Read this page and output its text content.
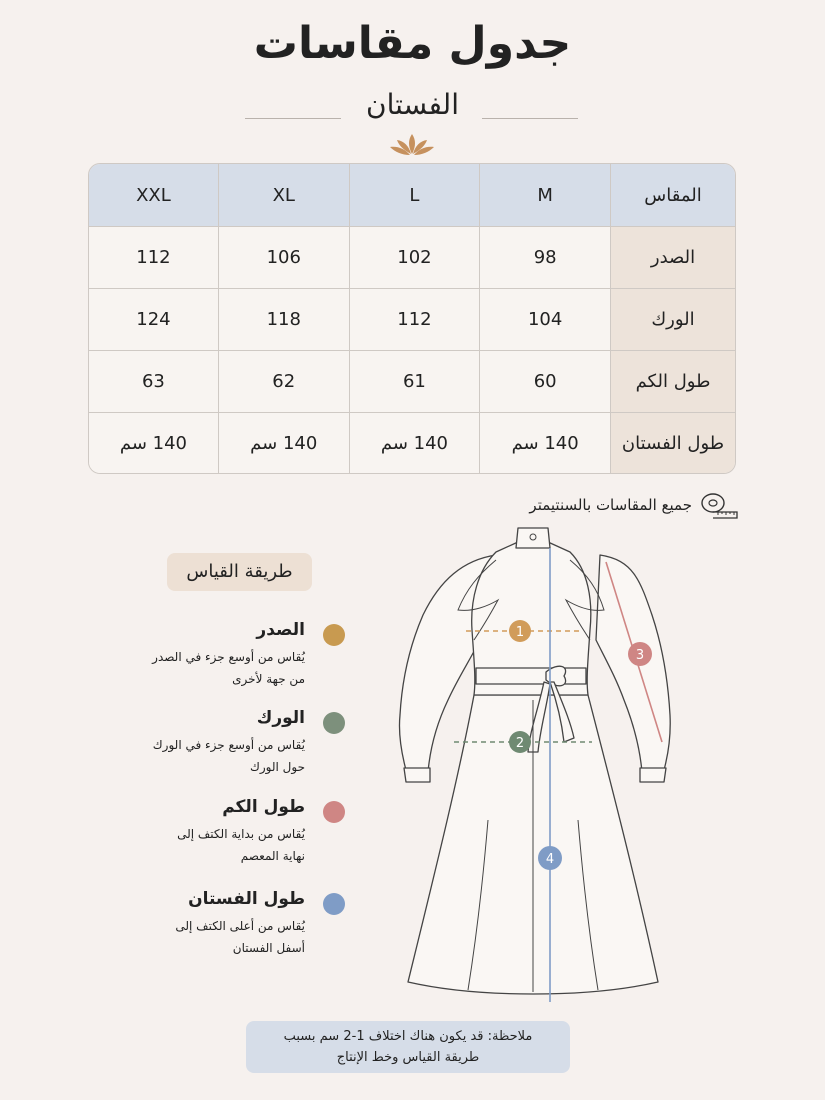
جدول مقاسات
الفستان
المقاس	M	L	XL	XXL
الصدر	98	102	106	112
الورك	104	112	118	124
طول الكم	60	61	62	63
طول الفستان	140 سم	140 سم	140 سم	140 سم
جميع المقاسات بالسنتيمتر
طريقة القياس
الصدر
يُقاس من أوسع جزء في الصدر
من جهة لأخرى
الورك
يُقاس من أوسع جزء في الورك
حول الورك
طول الكم
يُقاس من بداية الكتف إلى
نهاية المعصم
طول الفستان
يُقاس من أعلى الكتف إلى
أسفل الفستان
1
2
3
4
ملاحظة: قد يكون هناك اختلاف 1-2 سم بسبب
طريقة القياس وخط الإنتاج
